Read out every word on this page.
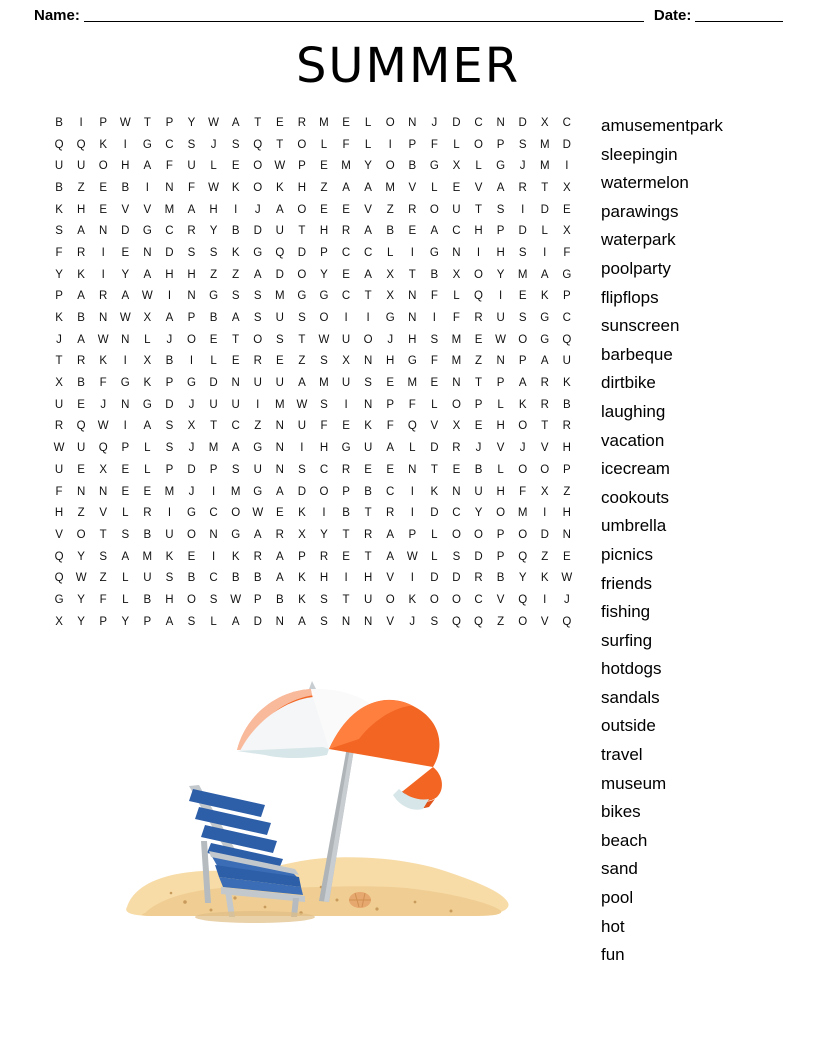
Name:	Date:
SUMMER
B	I	P	W	T	P	Y	W	A	T	E	R	M	E	L	O	N	J	D	C	N	D	X	C
Q	Q	K	I	G	C	S	J	S	Q	T	O	L	F	L	I	P	F	L	O	P	S	M	D
U	U	O	H	A	F	U	L	E	O	W	P	E	M	Y	O	B	G	X	L	G	J	M	I
B	Z	E	B	I	N	F	W	K	O	K	H	Z	A	A	M	V	L	E	V	A	R	T	X
K	H	E	V	V	M	A	H	I	J	A	O	E	E	V	Z	R	O	U	T	S	I	D	E
S	A	N	D	G	C	R	Y	B	D	U	T	H	R	A	B	E	A	C	H	P	D	L	X
F	R	I	E	N	D	S	S	K	G	Q	D	P	C	C	L	I	G	N	I	H	S	I	F
Y	K	I	Y	A	H	H	Z	Z	A	D	O	Y	E	A	X	T	B	X	O	Y	M	A	G
P	A	R	A	W	I	N	G	S	S	M	G	G	C	T	X	N	F	L	Q	I	E	K	P
K	B	N	W	X	A	P	B	A	S	U	S	O	I	I	G	N	I	F	R	U	S	G	C
J	A	W	N	L	J	O	E	T	O	S	T	W	U	O	J	H	S	M	E	W	O	G	Q
T	R	K	I	X	B	I	L	E	R	E	Z	S	X	N	H	G	F	M	Z	N	P	A	U
X	B	F	G	K	P	G	D	N	U	U	A	M	U	S	E	M	E	N	T	P	A	R	K
U	E	J	N	G	D	J	U	U	I	M	W	S	I	N	P	F	L	O	P	L	K	R	B
R	Q	W	I	A	S	X	T	C	Z	N	U	F	E	K	F	Q	V	X	E	H	O	T	R
W	U	Q	P	L	S	J	M	A	G	N	I	H	G	U	A	L	D	R	J	V	J	V	H
U	E	X	E	L	P	D	P	S	U	N	S	C	R	E	E	N	T	E	B	L	O	O	P
F	N	N	E	E	M	J	I	M	G	A	D	O	P	B	C	I	K	N	U	H	F	X	Z
H	Z	V	L	R	I	G	C	O	W	E	K	I	B	T	R	I	D	C	Y	O	M	I	H
V	O	T	S	B	U	O	N	G	A	R	X	Y	T	R	A	P	L	O	O	P	O	D	N
Q	Y	S	A	M	K	E	I	K	R	A	P	R	E	T	A	W	L	S	D	P	Q	Z	E
Q	W	Z	L	U	S	B	C	B	B	A	K	H	I	H	V	I	D	D	R	B	Y	K	W
G	Y	F	L	B	H	O	S	W	P	B	K	S	T	U	O	K	O	O	C	V	Q	I	J
X	Y	P	Y	P	A	S	L	A	D	N	A	S	N	N	V	J	S	Q	Q	Z	O	V	Q
amusementpark
sleepingin
watermelon
parawings
waterpark
poolparty
flipflops
sunscreen
barbeque
dirtbike
laughing
vacation
icecream
cookouts
umbrella
picnics
friends
fishing
surfing
hotdogs
sandals
outside
travel
museum
bikes
beach
sand
pool
hot
fun
